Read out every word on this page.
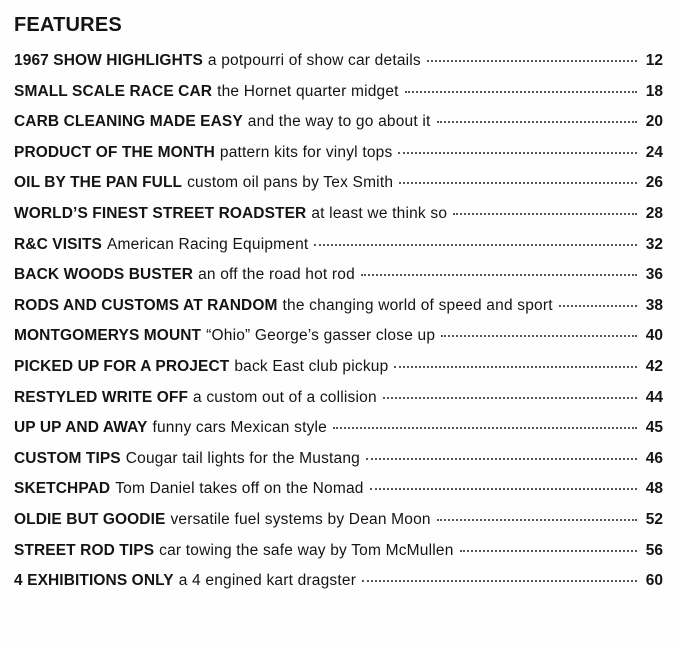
FEATURES
1967 SHOW HIGHLIGHTS a potpourri of show car details	12
SMALL SCALE RACE CAR the Hornet quarter midget	18
CARB CLEANING MADE EASY and the way to go about it	20
PRODUCT OF THE MONTH pattern kits for vinyl tops	24
OIL BY THE PAN FULL custom oil pans by Tex Smith	26
WORLD’S FINEST STREET ROADSTER at least we think so	28
R&C VISITS American Racing Equipment	32
BACK WOODS BUSTER an off the road hot rod	36
RODS AND CUSTOMS AT RANDOM the changing world of speed and sport	38
MONTGOMERYS MOUNT “Ohio” George’s gasser close up	40
PICKED UP FOR A PROJECT back East club pickup	42
RESTYLED WRITE OFF a custom out of a collision	44
UP UP AND AWAY funny cars Mexican style	45
CUSTOM TIPS Cougar tail lights for the Mustang	46
SKETCHPAD Tom Daniel takes off on the Nomad	48
OLDIE BUT GOODIE versatile fuel systems by Dean Moon	52
STREET ROD TIPS car towing the safe way by Tom McMullen	56
4 EXHIBITIONS ONLY a 4 engined kart dragster	60
